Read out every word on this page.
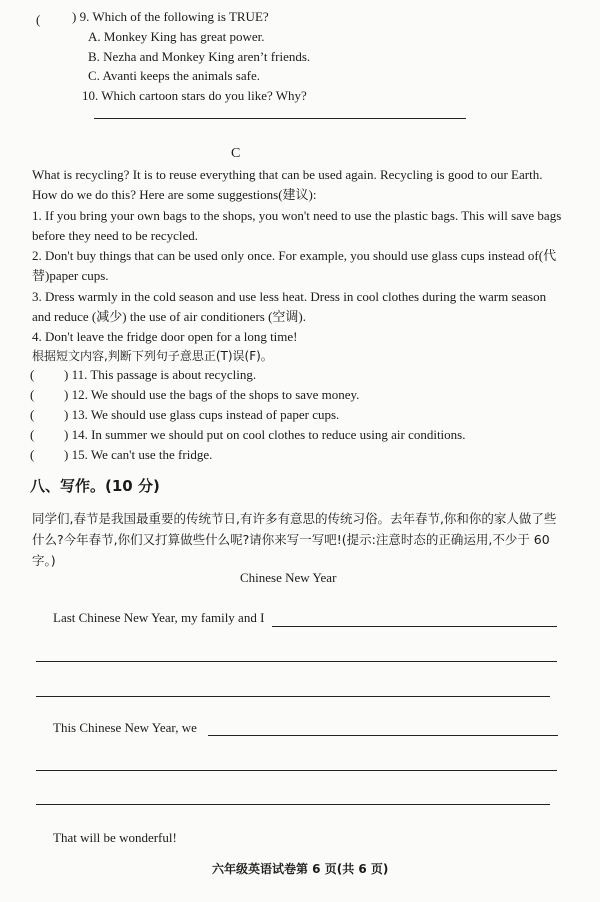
( ) 9. Which of the following is TRUE?
A. Monkey King has great power.
B. Nezha and Monkey King aren’t friends.
C. Avanti keeps the animals safe.
10. Which cartoon stars do you like? Why?
C
What is recycling? It is to reuse everything that can be used again. Recycling is good to our Earth. How do we do this? Here are some suggestions(建议):
1. If you bring your own bags to the shops, you won't need to use the plastic bags. This will save bags before they need to be recycled.
2. Don't buy things that can be used only once. For example, you should use glass cups instead of(代替)paper cups.
3. Dress warmly in the cold season and use less heat. Dress in cool clothes during the warm season and reduce (减少) the use of air conditioners (空调).
4. Don't leave the fridge door open for a long time!
根据短文内容,判断下列句子意思正(T)误(F)。
( ) 11. This passage is about recycling.
( ) 12. We should use the bags of the shops to save money.
( ) 13. We should use glass cups instead of paper cups.
( ) 14. In summer we should put on cool clothes to reduce using air conditions.
( ) 15. We can't use the fridge.
八、写作。(10 分)
同学们,春节是我国最重要的传统节日,有许多有意思的传统习俗。去年春节,你和你的家人做了些什么?今年春节,你们又打算做些什么呢?请你来写一写吧!(提示:注意时态的正确运用,不少于 60 字。)
Chinese New Year
Last Chinese New Year, my family and I
This Chinese New Year, we
That will be wonderful!
六年级英语试卷第 6 页(共 6 页)
